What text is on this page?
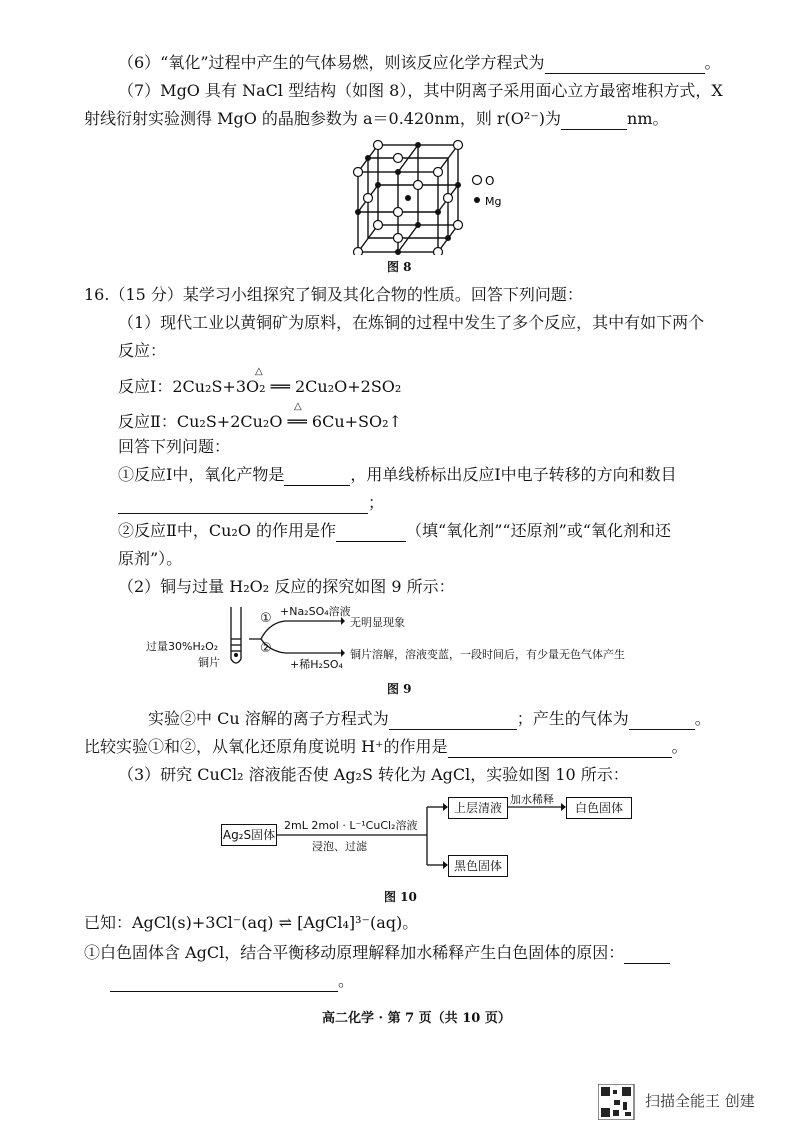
（6）“氧化”过程中产生的气体易燃，则该反应化学方程式为	。
（7）MgO 具有 NaCl 型结构（如图 8），其中阴离子采用面心立方最密堆积方式，X
射线衍射实验测得 MgO 的晶胞参数为 a＝0.420nm，则 r(O²⁻)为	nm。
O
Mg
图 8
16.（15 分）某学习小组探究了铜及其化合物的性质。回答下列问题：
（1）现代工业以黄铜矿为原料，在炼铜的过程中发生了多个反应，其中有如下两个
反应：
△
反应Ⅰ：2Cu₂S+3O₂ ══ 2Cu₂O+2SO₂
△
反应Ⅱ：Cu₂S+2Cu₂O ══ 6Cu+SO₂↑
回答下列问题：
①反应Ⅰ中，氧化产物是	，用单线桥标出反应Ⅰ中电子转移的方向和数目
；
②反应Ⅱ中，Cu₂O 的作用是作	（填“氧化剂”“还原剂”或“氧化剂和还
原剂”）。
（2）铜与过量 H₂O₂ 反应的探究如图 9 所示：
过量30%H₂O₂
铜片
① +Na₂SO₄溶液
无明显现象
②
+稀H₂SO₄
铜片溶解，溶液变蓝，一段时间后，有少量无色气体产生
图 9
实验②中 Cu 溶解的离子方程式为	；产生的气体为	。
比较实验①和②，从氧化还原角度说明 H⁺的作用是	。
（3）研究 CuCl₂ 溶液能否使 Ag₂S 转化为 AgCl，实验如图 10 所示：
Ag₂S固体
2mL 2mol · L⁻¹CuCl₂溶液
浸泡、过滤
上层清液
加水稀释
白色固体
黑色固体
图 10
已知：AgCl(s)+3Cl⁻(aq) ⇌ [AgCl₄]³⁻(aq)。
①白色固体含 AgCl，结合平衡移动原理解释加水稀释产生白色固体的原因：
。
高二化学 · 第 7 页（共 10 页）
扫描全能王 创建
